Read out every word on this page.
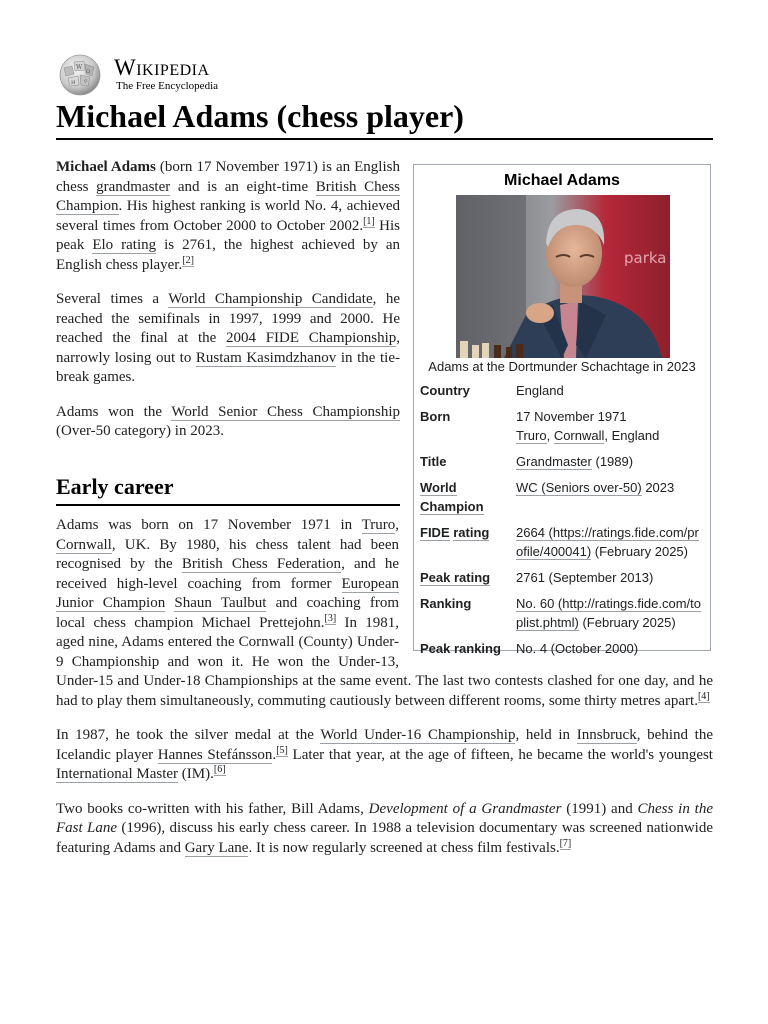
W
Ω
И ウ
Wikipedia
The Free Encyclopedia
Michael Adams (chess player)

Michael Adams (born 17 November 1971) is an English chess grandmaster and is an eight-time British Chess Champion. His highest ranking is world No. 4, achieved several times from October 2000 to October 2002.[1] His peak Elo rating is 2761, the highest achieved by an English chess player.[2]

Several times a World Championship Candidate, he reached the semifinals in 1997, 1999 and 2000. He reached the final at the 2004 FIDE Championship, narrowly losing out to Rustam Kasimdzhanov in the tie-break games.

Adams won the World Senior Chess Championship (Over-50 category) in 2023.

Early career

Adams was born on 17 November 1971 in Truro, Cornwall, UK. By 1980, his chess talent had been recognised by the British Chess Federation, and he received high-level coaching from former European Junior Champion Shaun Taulbut and coaching from local chess champion Michael Prettejohn.[3] In 1981, aged nine, Adams entered the Cornwall (County) Under-9 Championship and won it. He won the Under-13, Under-15 and Under-18 Championships at the same event. The last two contests clashed for one day, and he had to play them simultaneously, commuting cautiously between different rooms, some thirty metres apart.[4]

In 1987, he took the silver medal at the World Under-16 Championship, held in Innsbruck, behind the Icelandic player Hannes Stefánsson.[5] Later that year, at the age of fifteen, he became the world's youngest International Master (IM).[6]

Two books co-written with his father, Bill Adams, Development of a Grandmaster (1991) and Chess in the Fast Lane (1996), discuss his early chess career. In 1988 a television documentary was screened nationwide featuring Adams and Gary Lane. It is now regularly screened at chess film festivals.[7]

Michael Adams
parka
Adams at the Dortmunder Schachtage in 2023
Country	England
Born	17 November 1971
Truro, Cornwall, England
Title	Grandmaster (1989)
World
Champion	WC (Seniors over-50) 2023
FIDE rating	2664 (https://ratings.fide.com/profile/400041) (February 2025)
Peak rating	2761 (September 2013)
Ranking	No. 60 (http://ratings.fide.com/toplist.phtml) (February 2025)
Peak ranking	No. 4 (October 2000)
